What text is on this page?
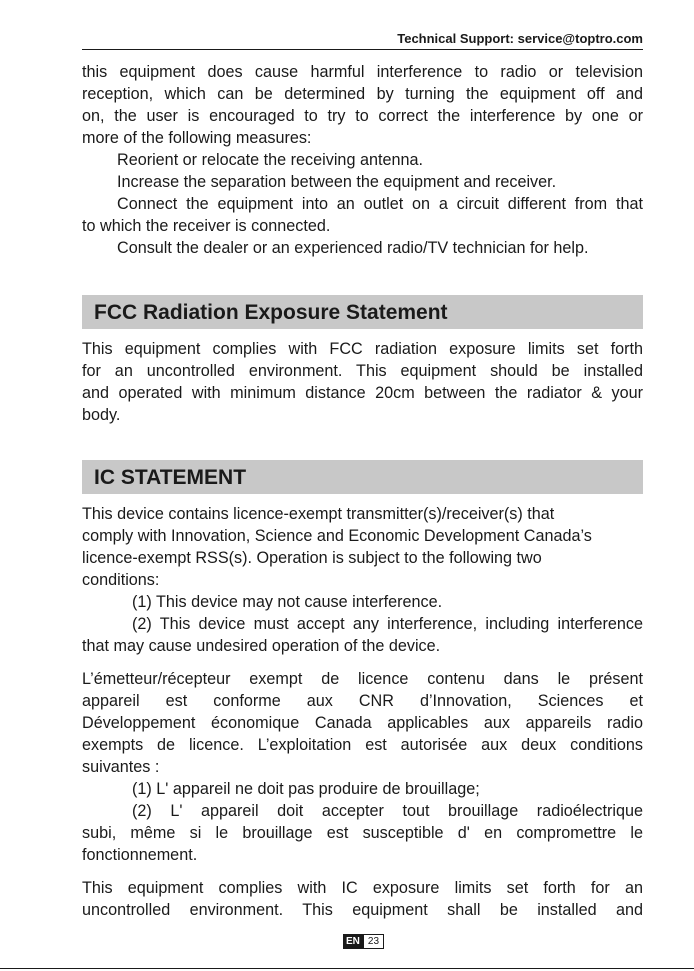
Technical Support: service@toptro.com
this equipment does cause harmful interference to radio or television
reception, which can be determined by turning the equipment off and
on, the user is encouraged to try to correct the interference by one or
more of the following measures:
Reorient or relocate the receiving antenna.
Increase the separation between the equipment and receiver.
Connect the equipment into an outlet on a circuit different from that
to which the receiver is connected.
Consult the dealer or an experienced radio/TV technician for help.
FCC Radiation Exposure Statement
This equipment complies with FCC radiation exposure limits set forth
for an uncontrolled environment. This equipment should be installed
and operated with minimum distance 20cm between the radiator & your
body.
IC STATEMENT
This device contains licence-exempt transmitter(s)/receiver(s) that
comply with Innovation, Science and Economic Development Canada’s
licence-exempt RSS(s). Operation is subject to the following two
conditions:
(1) This device may not cause interference.
(2) This device must accept any interference, including interference
that may cause undesired operation of the device.
L’émetteur/récepteur exempt de licence contenu dans le présent
appareil est conforme aux CNR d’Innovation, Sciences et
Développement économique Canada applicables aux appareils radio
exempts de licence. L’exploitation est autorisée aux deux conditions
suivantes :
(1) L' appareil ne doit pas produire de brouillage;
(2) L' appareil doit accepter tout brouillage radioélectrique
subi, même si le brouillage est susceptible d' en compromettre le
fonctionnement.
This equipment complies with IC exposure limits set forth for an
uncontrolled environment. This equipment shall be installed and
EN 23
